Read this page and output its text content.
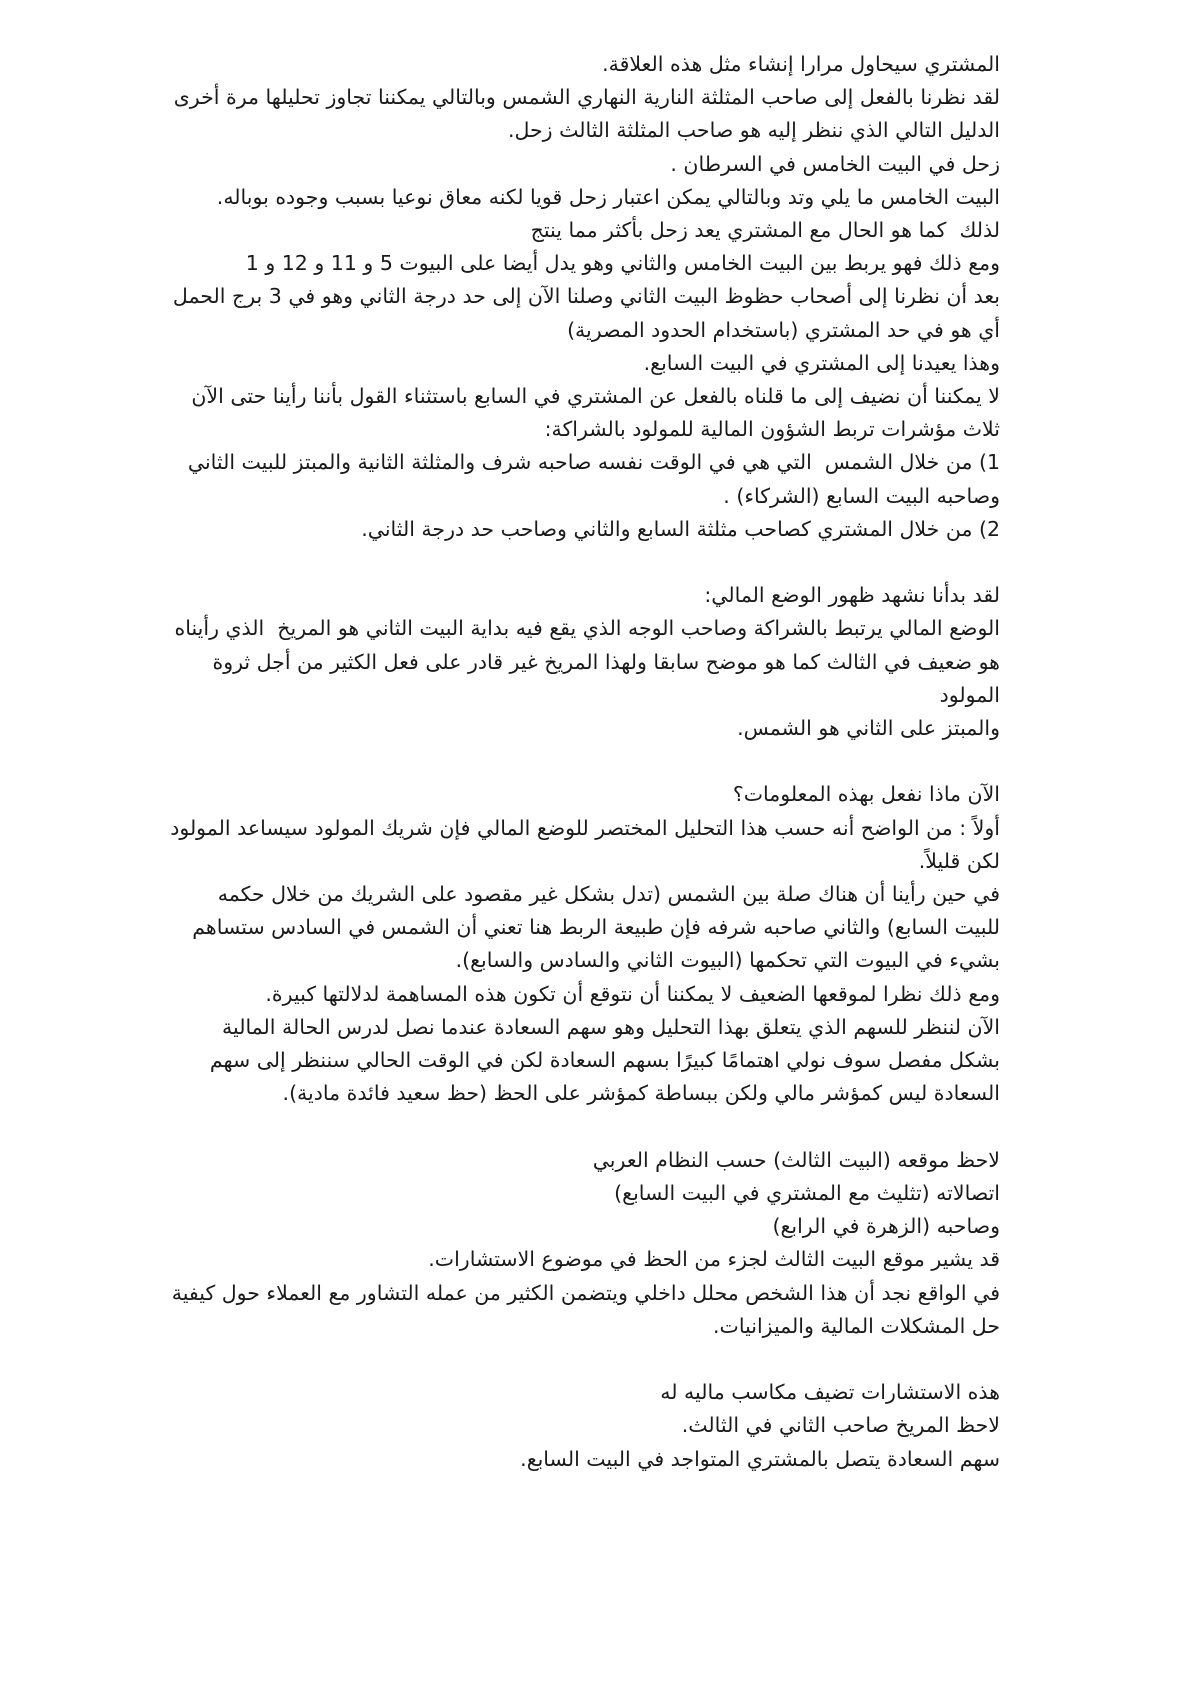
المشتري سيحاول مرارا إنشاء مثل هذه العلاقة.

لقد نظرنا بالفعل إلى صاحب المثلثة النارية النهاري الشمس وبالتالي يمكننا تجاوز تحليلها مرة أخرى الدليل التالي الذي ننظر إليه هو صاحب المثلثة الثالث زحل.

زحل في البيت الخامس في السرطان .

البيت الخامس ما يلي وتد وبالتالي يمكن اعتبار زحل قويا لكنه معاق نوعيا بسبب وجوده بوباله.

لذلك  كما هو الحال مع المشتري يعد زحل بأكثر مما ينتج

ومع ذلك فهو يربط بين البيت الخامس والثاني وهو يدل أيضا على البيوت 5 و 11 و 12 و 1

بعد أن نظرنا إلى أصحاب حظوظ البيت الثاني وصلنا الآن إلى حد درجة الثاني وهو في 3 برج الحمل أي هو في حد المشتري (باستخدام الحدود المصرية)

وهذا يعيدنا إلى المشتري في البيت السابع.

لا يمكننا أن نضيف إلى ما قلناه بالفعل عن المشتري في السابع باستثناء القول بأننا رأينا حتى الآن ثلاث مؤشرات تربط الشؤون المالية للمولود بالشراكة:

1) من خلال الشمس  التي هي في الوقت نفسه صاحبه شرف والمثلثة الثانية والمبتز للبيت الثاني وصاحبه البيت السابع (الشركاء) .

2) من خلال المشتري كصاحب مثلثة السابع والثاني وصاحب حد درجة الثاني.

لقد بدأنا نشهد ظهور الوضع المالي:

الوضع المالي يرتبط بالشراكة وصاحب الوجه الذي يقع فيه بداية البيت الثاني هو المريخ  الذي رأيناه هو ضعيف في الثالث كما هو موضح سابقا ولهذا المريخ غير قادر على فعل الكثير من أجل ثروة المولود

والمبتز على الثاني هو الشمس.

الآن ماذا نفعل بهذه المعلومات؟

أولاً : من الواضح أنه حسب هذا التحليل المختصر للوضع المالي فإن شريك المولود سيساعد المولود  لكن قليلاً.

في حين رأينا أن هناك صلة بين الشمس (تدل بشكل غير مقصود على الشريك من خلال حكمه للبيت السابع) والثاني صاحبه شرفه فإن طبيعة الربط هنا تعني أن الشمس في السادس ستساهم بشيء في البيوت التي تحكمها (البيوت الثاني والسادس والسابع).

ومع ذلك نظرا لموقعها الضعيف لا يمكننا أن نتوقع أن تكون هذه المساهمة لدلالتها كبيرة.

الآن لننظر للسهم الذي يتعلق بهذا التحليل وهو سهم السعادة عندما نصل لدرس الحالة المالية بشكل مفصل سوف نولي اهتمامًا كبيرًا بسهم السعادة لكن في الوقت الحالي سننظر إلى سهم السعادة ليس كمؤشر مالي ولكن ببساطة كمؤشر على الحظ (حظ سعيد فائدة مادية).

لاحظ موقعه (البيت الثالث) حسب النظام العربي

اتصالاته (تثليث مع المشتري في البيت السابع)

وصاحبه (الزهرة في الرابع)

قد يشير موقع البيت الثالث لجزء من الحظ في موضوع الاستشارات.

في الواقع نجد أن هذا الشخص محلل داخلي ويتضمن الكثير من عمله التشاور مع العملاء حول كيفية حل المشكلات المالية والميزانيات.

هذه الاستشارات تضيف مكاسب ماليه له

لاحظ المريخ صاحب الثاني في الثالث.

سهم السعادة يتصل بالمشتري المتواجد في البيت السابع.
